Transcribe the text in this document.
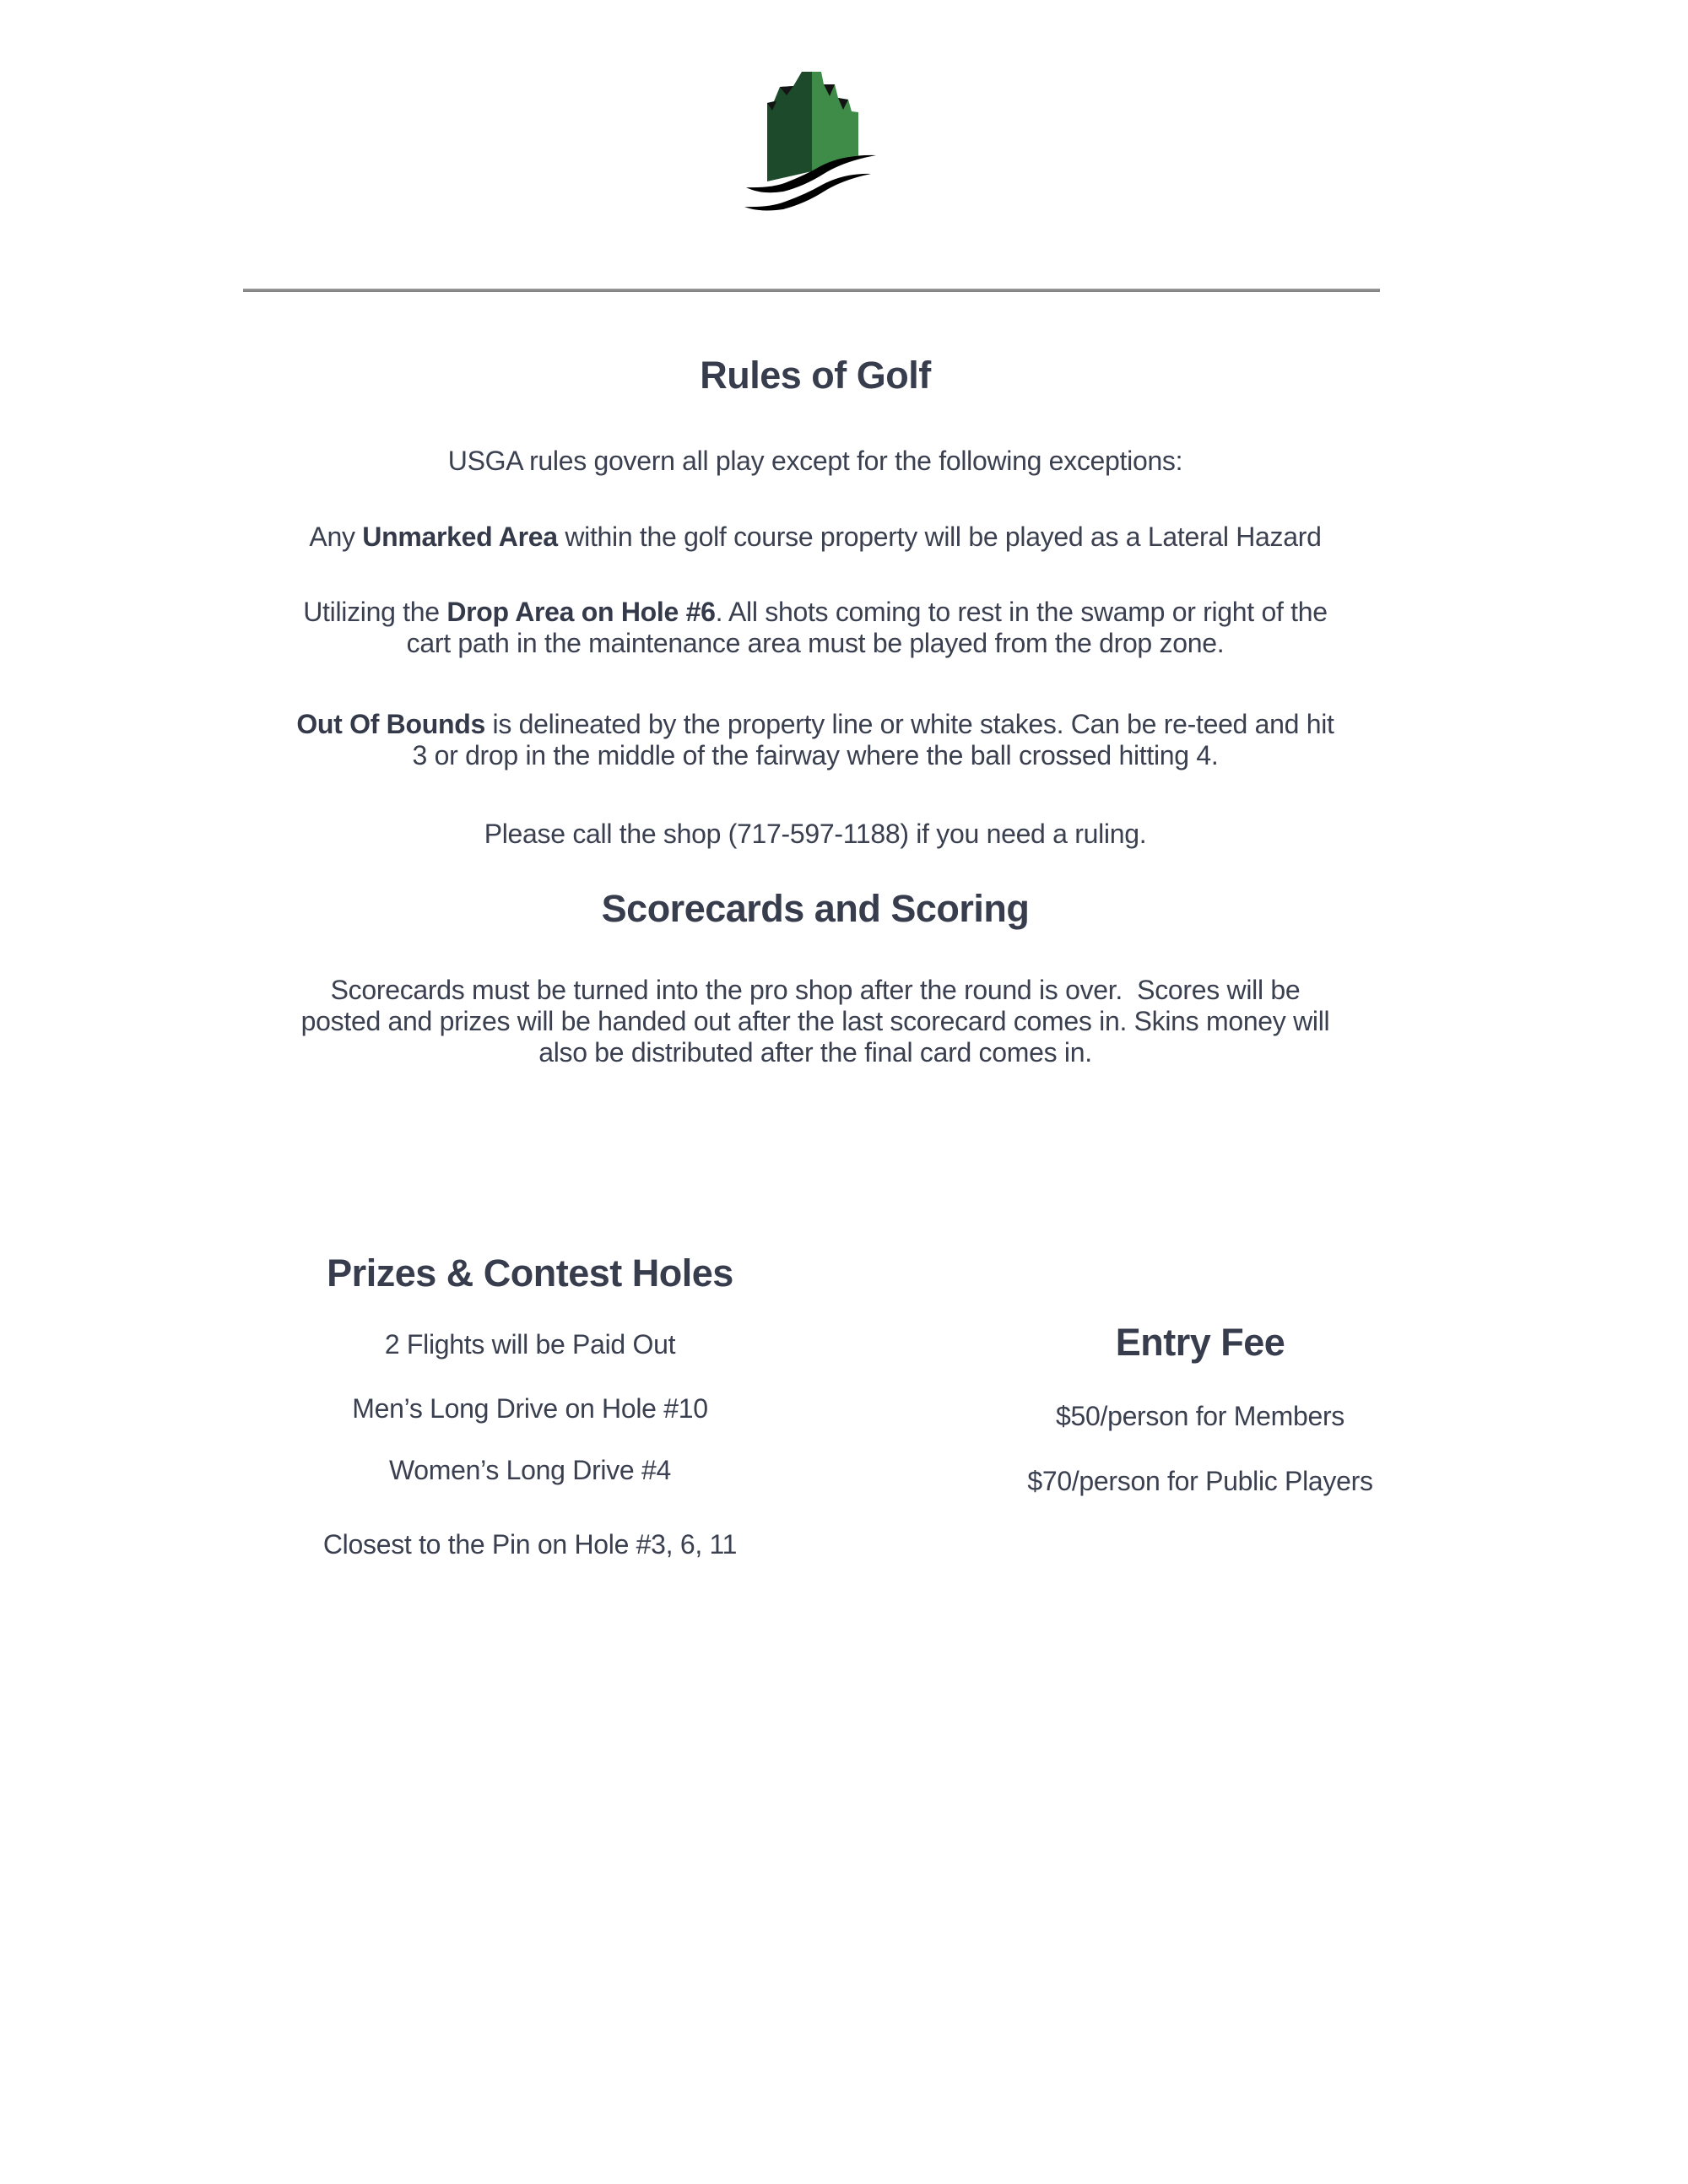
Rules of Golf
USGA rules govern all play except for the following exceptions:
Any Unmarked Area within the golf course property will be played as a Lateral Hazard
Utilizing the Drop Area on Hole #6. All shots coming to rest in the swamp or right of the
cart path in the maintenance area must be played from the drop zone.
Out Of Bounds is delineated by the property line or white stakes. Can be re-teed and hit
3 or drop in the middle of the fairway where the ball crossed hitting 4.
Please call the shop (717-597-1188) if you need a ruling.
Scorecards and Scoring
Scorecards must be turned into the pro shop after the round is over.  Scores will be
posted and prizes will be handed out after the last scorecard comes in. Skins money will
also be distributed after the final card comes in.
Prizes & Contest Holes
2 Flights will be Paid Out
Men’s Long Drive on Hole #10
Women’s Long Drive #4
Closest to the Pin on Hole #3, 6, 11
Entry Fee
$50/person for Members
$70/person for Public Players
